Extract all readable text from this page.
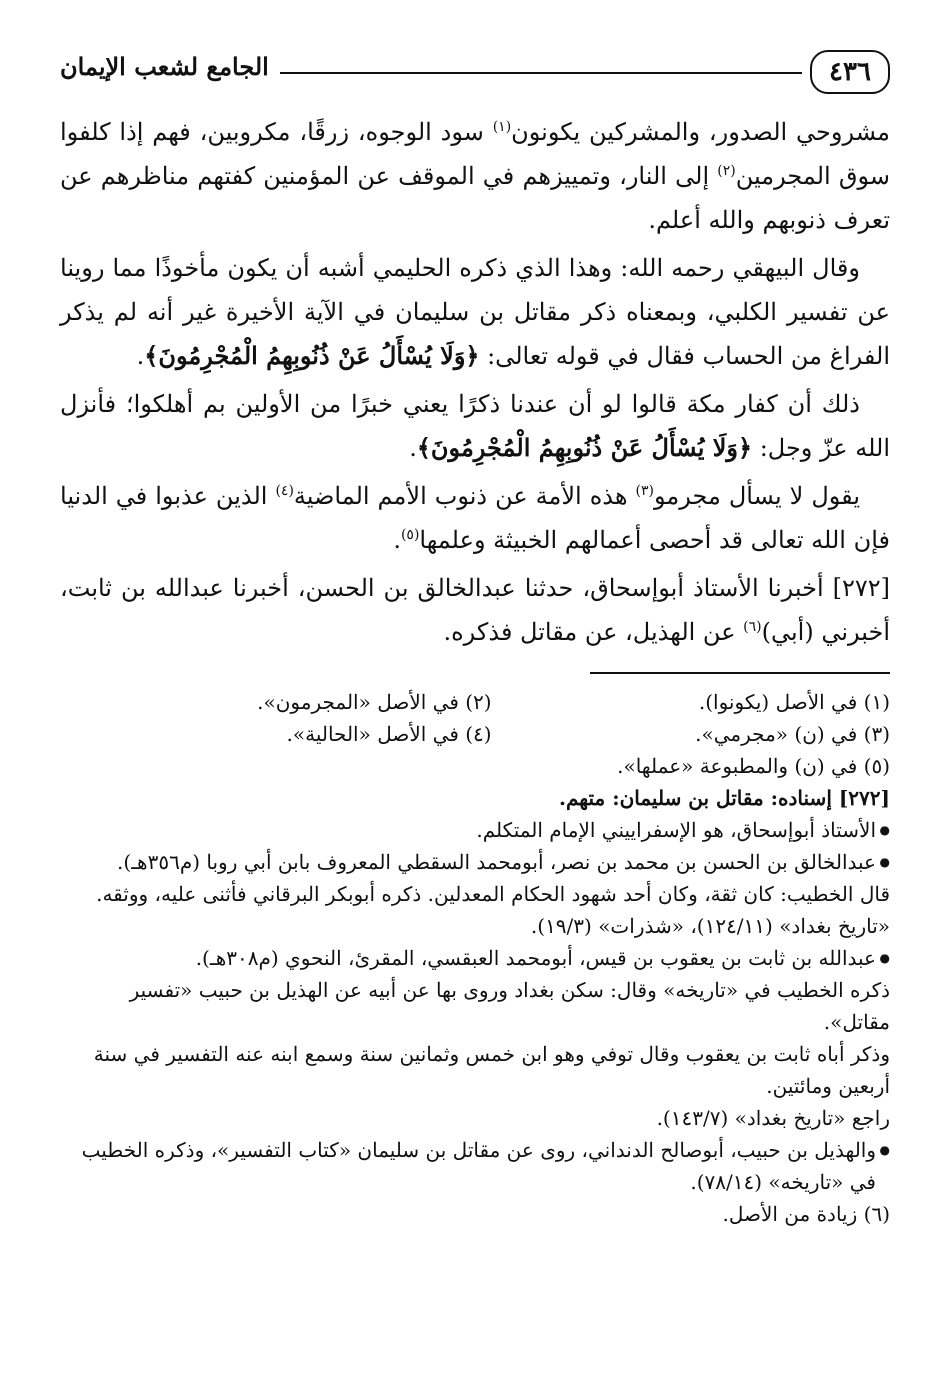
٤٣٦
الجامع لشعب الإيمان

مشروحي الصدور، والمشركين يكونون$^{(١)}$ سود الوجوه، زرقًا، مكروبين، فهم إذا كلفوا سوق المجرمين$^{(٢)}$ إلى النار، وتمييزهم في الموقف عن المؤمنين كفتهم مناظرهم عن تعرف ذنوبهم والله أعلم.

وقال البيهقي رحمه الله: وهذا الذي ذكره الحليمي أشبه أن يكون مأخوذًا مما روينا عن تفسير الكلبي، وبمعناه ذكر مقاتل بن سليمان في الآية الأخيرة غير أنه لم يذكر الفراغ من الحساب فقال في قوله تعالى: ﴿وَلَا يُسْأَلُ عَنْ ذُنُوبِهِمُ الْمُجْرِمُونَ﴾.

ذلك أن كفار مكة قالوا لو أن عندنا ذكرًا يعني خبرًا من الأولين بم أهلكوا؛ فأنزل الله عزّ وجل: ﴿وَلَا يُسْأَلُ عَنْ ذُنُوبِهِمُ الْمُجْرِمُونَ﴾.

يقول لا يسأل مجرمو$^{(٣)}$ هذه الأمة عن ذنوب الأمم الماضية$^{(٤)}$ الذين عذبوا في الدنيا فإن الله تعالى قد أحصى أعمالهم الخبيثة وعلمها$^{(٥)}$.

[٢٧٢] أخبرنا الأستاذ أبوإسحاق، حدثنا عبدالخالق بن الحسن، أخبرنا عبدالله بن ثابت، أخبرني (أبي)$^{(٦)}$ عن الهذيل، عن مقاتل فذكره.

(١) في الأصل (يكونوا).
(٢) في الأصل «المجرمون».
(٣) في (ن) «مجرمي».
(٤) في الأصل «الحالية».

(٥) في (ن) والمطبوعة «عملها».

[٢٧٢] إسناده: مقاتل بن سليمان: متهم.

● الأستاذ أبوإسحاق، هو الإسفراييني الإمام المتكلم.

● عبدالخالق بن الحسن بن محمد بن نصر، أبومحمد السقطي المعروف بابن أبي روبا (م٣٥٦هـ).

قال الخطيب: كان ثقة، وكان أحد شهود الحكام المعدلين. ذكره أبوبكر البرقاني فأثنى عليه، ووثقه.

«تاريخ بغداد» (١٢٤/١١)، «شذرات» (١٩/٣).

● عبدالله بن ثابت بن يعقوب بن قيس، أبومحمد العبقسي، المقرئ، النحوي (م٣٠٨هـ).

ذكره الخطيب في «تاريخه» وقال: سكن بغداد وروى بها عن أبيه عن الهذيل بن حبيب «تفسير مقاتل».

وذكر أباه ثابت بن يعقوب وقال توفي وهو ابن خمس وثمانين سنة وسمع ابنه عنه التفسير في سنة أربعين ومائتين.

راجع «تاريخ بغداد» (١٤٣/٧).

● والهذيل بن حبيب، أبوصالح الدنداني، روى عن مقاتل بن سليمان «كتاب التفسير»، وذكره الخطيب في «تاريخه» (٧٨/١٤).

(٦) زيادة من الأصل.
